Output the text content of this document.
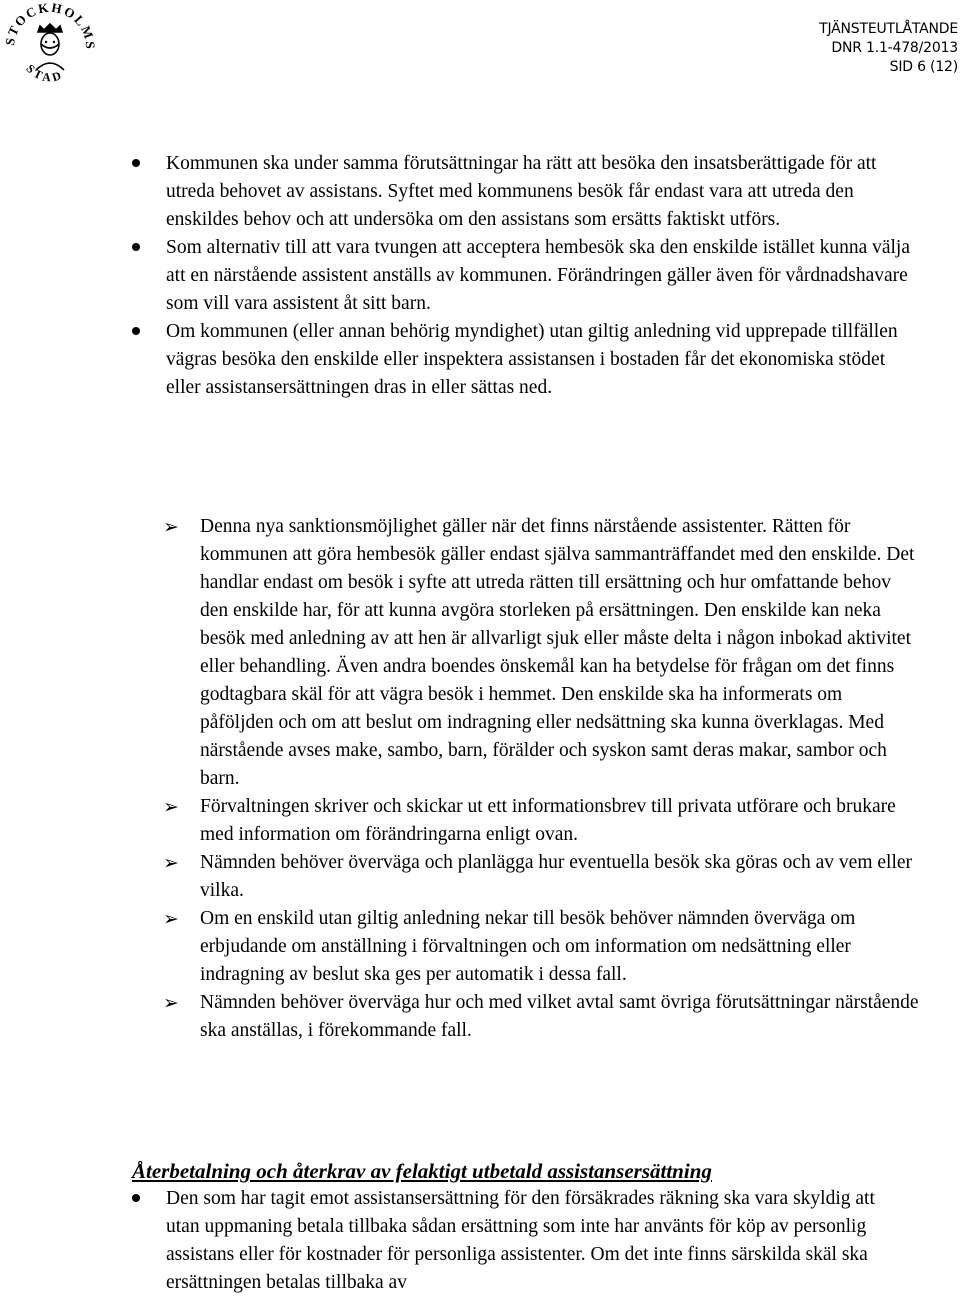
STOCKHOLMS
STAD
TJÄNSTEUTLÅTANDE
DNR 1.1-478/2013
SID 6 (12)

Kommunen ska under samma förutsättningar ha rätt att besöka den insatsberättigade för att utreda behovet av assistans. Syftet med kommunens besök får endast vara att utreda den enskildes behov och att undersöka om den assistans som ersätts faktiskt utförs.

Som alternativ till att vara tvungen att acceptera hembesök ska den enskilde istället kunna välja att en närstående assistent anställs av kommunen. Förändringen gäller även för vårdnadshavare som vill vara assistent åt sitt barn.

Om kommunen (eller annan behörig myndighet) utan giltig anledning vid upprepade tillfällen vägras besöka den enskilde eller inspektera assistansen i bostaden får det ekonomiska stödet eller assistansersättningen dras in eller sättas ned.

➢ Denna nya sanktionsmöjlighet gäller när det finns närstående assistenter. Rätten för kommunen att göra hembesök gäller endast själva sammanträffandet med den enskilde. Det handlar endast om besök i syfte att utreda rätten till ersättning och hur omfattande behov den enskilde har, för att kunna avgöra storleken på ersättningen. Den enskilde kan neka besök med anledning av att hen är allvarligt sjuk eller måste delta i någon inbokad aktivitet eller behandling. Även andra boendes önskemål kan ha betydelse för frågan om det finns godtagbara skäl för att vägra besök i hemmet. Den enskilde ska ha informerats om påföljden och om att beslut om indragning eller nedsättning ska kunna överklagas. Med närstående avses make, sambo, barn, förälder och syskon samt deras makar, sambor och barn.

➢ Förvaltningen skriver och skickar ut ett informationsbrev till privata utförare och brukare med information om förändringarna enligt ovan.

➢ Nämnden behöver överväga och planlägga hur eventuella besök ska göras och av vem eller vilka.

➢ Om en enskild utan giltig anledning nekar till besök behöver nämnden överväga om erbjudande om anställning i förvaltningen och om information om nedsättning eller indragning av beslut ska ges per automatik i dessa fall.

➢ Nämnden behöver överväga hur och med vilket avtal samt övriga förutsättningar närstående ska anställas, i förekommande fall.

Återbetalning och återkrav av felaktigt utbetald assistansersättning

Den som har tagit emot assistansersättning för den försäkrades räkning ska vara skyldig att utan uppmaning betala tillbaka sådan ersättning som inte har använts för köp av personlig assistans eller för kostnader för personliga assistenter. Om det inte finns särskilda skäl ska ersättningen betalas tillbaka av
